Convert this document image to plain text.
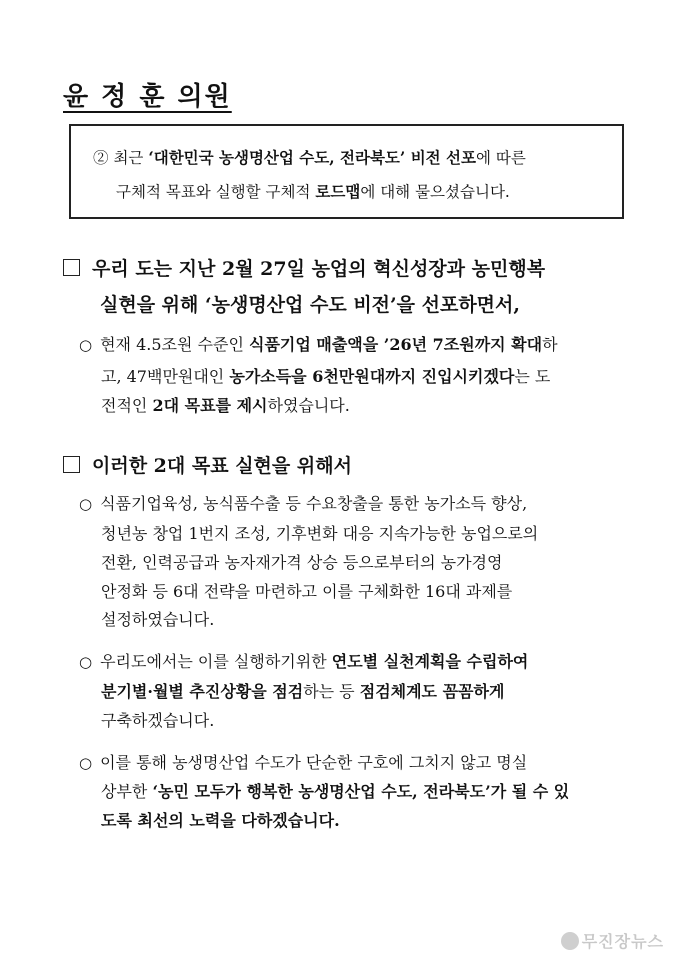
윤 정 훈 의원
② 최근 ‘대한민국 농생명산업 수도, 전라북도’ 비전 선포에 따른
구체적 목표와 실행할 구체적 로드맵에 대해 물으셨습니다.
우리 도는 지난 2월 27일 농업의 혁신성장과 농민행복
실현을 위해 ‘농생명산업 수도 비전’을 선포하면서,
○ 현재 4.5조원 수준인 식품기업 매출액을 ’26년 7조원까지 확대하
고, 47백만원대인 농가소득을 6천만원대까지 진입시키겠다는 도
전적인 2대 목표를 제시하였습니다.
이러한 2대 목표 실현을 위해서
○ 식품기업육성, 농식품수출 등 수요창출을 통한 농가소득 향상,
청년농 창업 1번지 조성, 기후변화 대응 지속가능한 농업으로의
전환, 인력공급과 농자재가격 상승 등으로부터의 농가경영
안정화 등 6대 전략을 마련하고 이를 구체화한 16대 과제를
설정하였습니다.
○ 우리도에서는 이를 실행하기위한 연도별 실천계획을 수립하여
분기별·월별 추진상황을 점검하는 등 점검체계도 꼼꼼하게
구축하겠습니다.
○ 이를 통해 농생명산업 수도가 단순한 구호에 그치지 않고 명실
상부한 ‘농민 모두가 행복한 농생명산업 수도, 전라북도’가 될 수 있
도록 최선의 노력을 다하겠습니다.
무진장뉴스
